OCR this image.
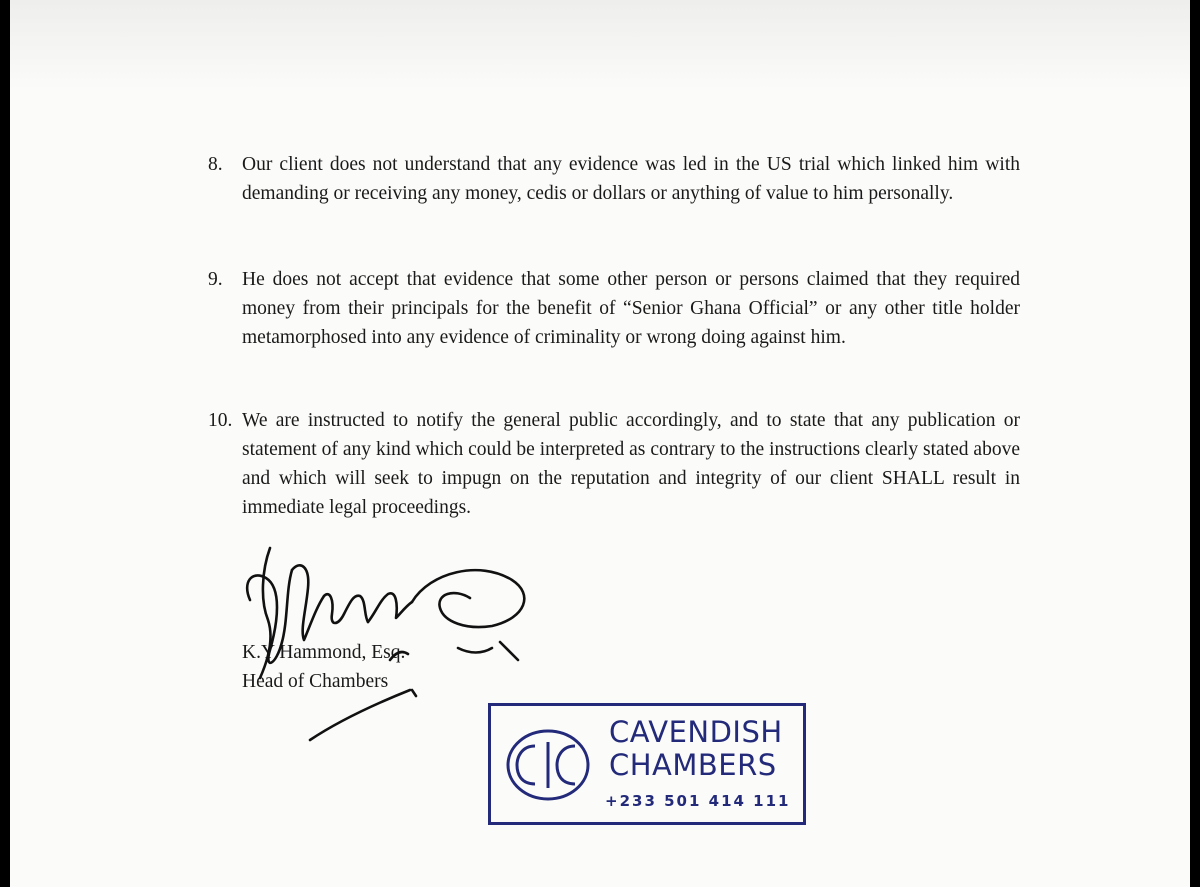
8. Our client does not understand that any evidence was led in the US trial which linked him with demanding or receiving any money, cedis or dollars or anything of value to him personally.
9. He does not accept that evidence that some other person or persons claimed that they required money from their principals for the benefit of “Senior Ghana Official” or any other title holder metamorphosed into any evidence of criminality or wrong doing against him.
10. We are instructed to notify the general public accordingly, and to state that any publication or statement of any kind which could be interpreted as contrary to the instructions clearly stated above and which will seek to impugn on the reputation and integrity of our client SHALL result in immediate legal proceedings.
K.Y Hammond, Esq.
Head of Chambers
CAVENDISH
CHAMBERS
+233 501 414 111
